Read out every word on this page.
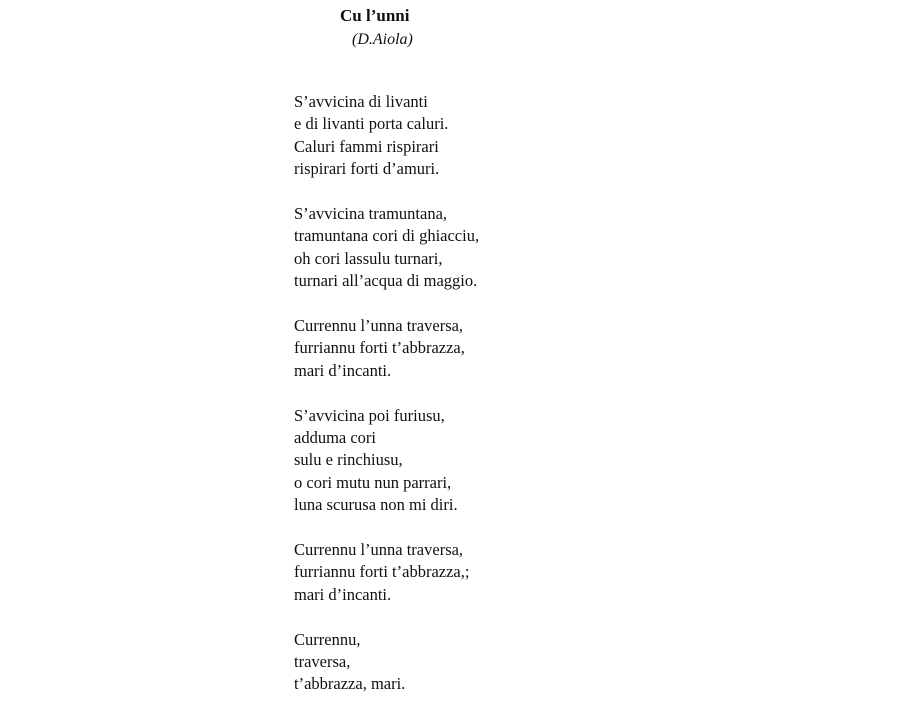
Cu l’unni
(D.Aiola)
S’avvicina di livanti
e di livanti porta caluri.
Caluri fammi rispirari
rispirari forti d’amuri.
S’avvicina tramuntana,
tramuntana cori di ghiacciu,
oh cori lassulu turnari,
turnari all’acqua di maggio.
Currennu l’unna traversa,
furriannu forti t’abbrazza,
mari d’incanti.
S’avvicina poi furiusu,
adduma cori
sulu e rinchiusu,
o cori mutu nun parrari,
luna scurusa non mi diri.
Currennu l’unna traversa,
furriannu forti t’abbrazza,;
mari d’incanti.
Currennu,
traversa,
t’abbrazza, mari.
